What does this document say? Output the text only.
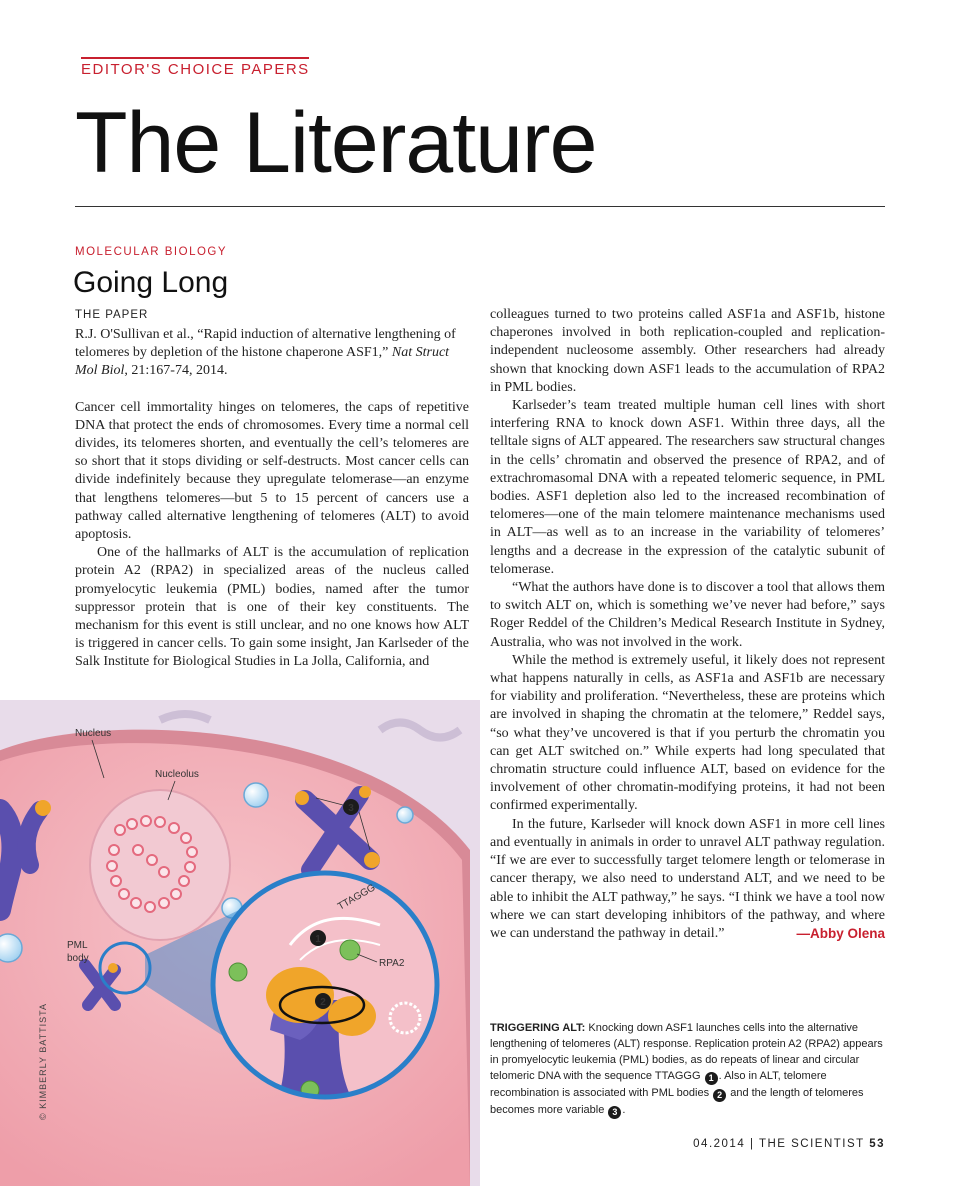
EDITOR'S CHOICE PAPERS
The Literature
MOLECULAR BIOLOGY
Going Long
THE PAPER

R.J. O'Sullivan et al., “Rapid induction of alternative lengthening of telomeres by depletion of the histone chaperone ASF1,” Nat Struct Mol Biol, 21:167-74, 2014.

Cancer cell immortality hinges on telomeres, the caps of repetitive DNA that protect the ends of chromosomes. Every time a normal cell divides, its telomeres shorten, and eventually the cell’s telomeres are so short that it stops dividing or self-destructs. Most cancer cells can divide indefinitely because they upregulate telomerase—an enzyme that lengthens telomeres—but 5 to 15 percent of cancers use a pathway called alternative lengthening of telomeres (ALT) to avoid apoptosis.

One of the hallmarks of ALT is the accumulation of replication protein A2 (RPA2) in specialized areas of the nucleus called promyelocytic leukemia (PML) bodies, named after the tumor suppressor protein that is one of their key constituents. The mechanism for this event is still unclear, and no one knows how ALT is triggered in cancer cells. To gain some insight, Jan Karlseder of the Salk Institute for Biological Studies in La Jolla, California, and

colleagues turned to two proteins called ASF1a and ASF1b, histone chaperones involved in both replication-coupled and replication-independent nucleosome assembly. Other researchers had already shown that knocking down ASF1 leads to the accumulation of RPA2 in PML bodies.

Karlseder’s team treated multiple human cell lines with short interfering RNA to knock down ASF1. Within three days, all the telltale signs of ALT appeared. The researchers saw structural changes in the cells’ chromatin and observed the presence of RPA2, and of extrachromasomal DNA with a repeated telomeric sequence, in PML bodies. ASF1 depletion also led to the increased recombination of telomeres—one of the main telomere maintenance mechanisms used in ALT—as well as to an increase in the variability of telomeres’ lengths and a decrease in the expression of the catalytic subunit of telomerase.

“What the authors have done is to discover a tool that allows them to switch ALT on, which is something we’ve never had before,” says Roger Reddel of the Children’s Medical Research Institute in Sydney, Australia, who was not involved in the work.

While the method is extremely useful, it likely does not represent what happens naturally in cells, as ASF1a and ASF1b are necessary for viability and proliferation. “Nevertheless, these are proteins which are involved in shaping the chromatin at the telomere,” Reddel says, “so what they’ve uncovered is that if you perturb the chromatin you can get ALT switched on.” While experts had long speculated that chromatin structure could influence ALT, based on evidence for the involvement of other chromatin-modifying proteins, it had not been confirmed experimentally.

In the future, Karlseder will knock down ASF1 in more cell lines and eventually in animals in order to unravel ALT pathway regulation. “If we are ever to successfully target telomere length or telomerase in cancer therapy, we also need to understand ALT, and we need to be able to inhibit the ALT pathway,” he says. “I think we have a tool now where we can start developing inhibitors of the pathway, and where we can understand the pathway in detail.”	—Abby Olena

TTAGGG
Nucleus
Nucleolus
PML
body	RPA2
1
2
3
© KIMBERLY BATTISTA	TRIGGERING ALT: Knocking down ASF1 launches cells into the alternative lengthening of telomeres (ALT) response. Replication protein A2 (RPA2) appears in promyelocytic leukemia (PML) bodies, as do repeats of linear and circular telomeric DNA with the sequence TTAGGG 1 . Also in ALT, telomere recombination is associated with PML bodies 2 and the length of telomeres becomes more variable 3 .
04.2014 | THE SCIENTIST 53
